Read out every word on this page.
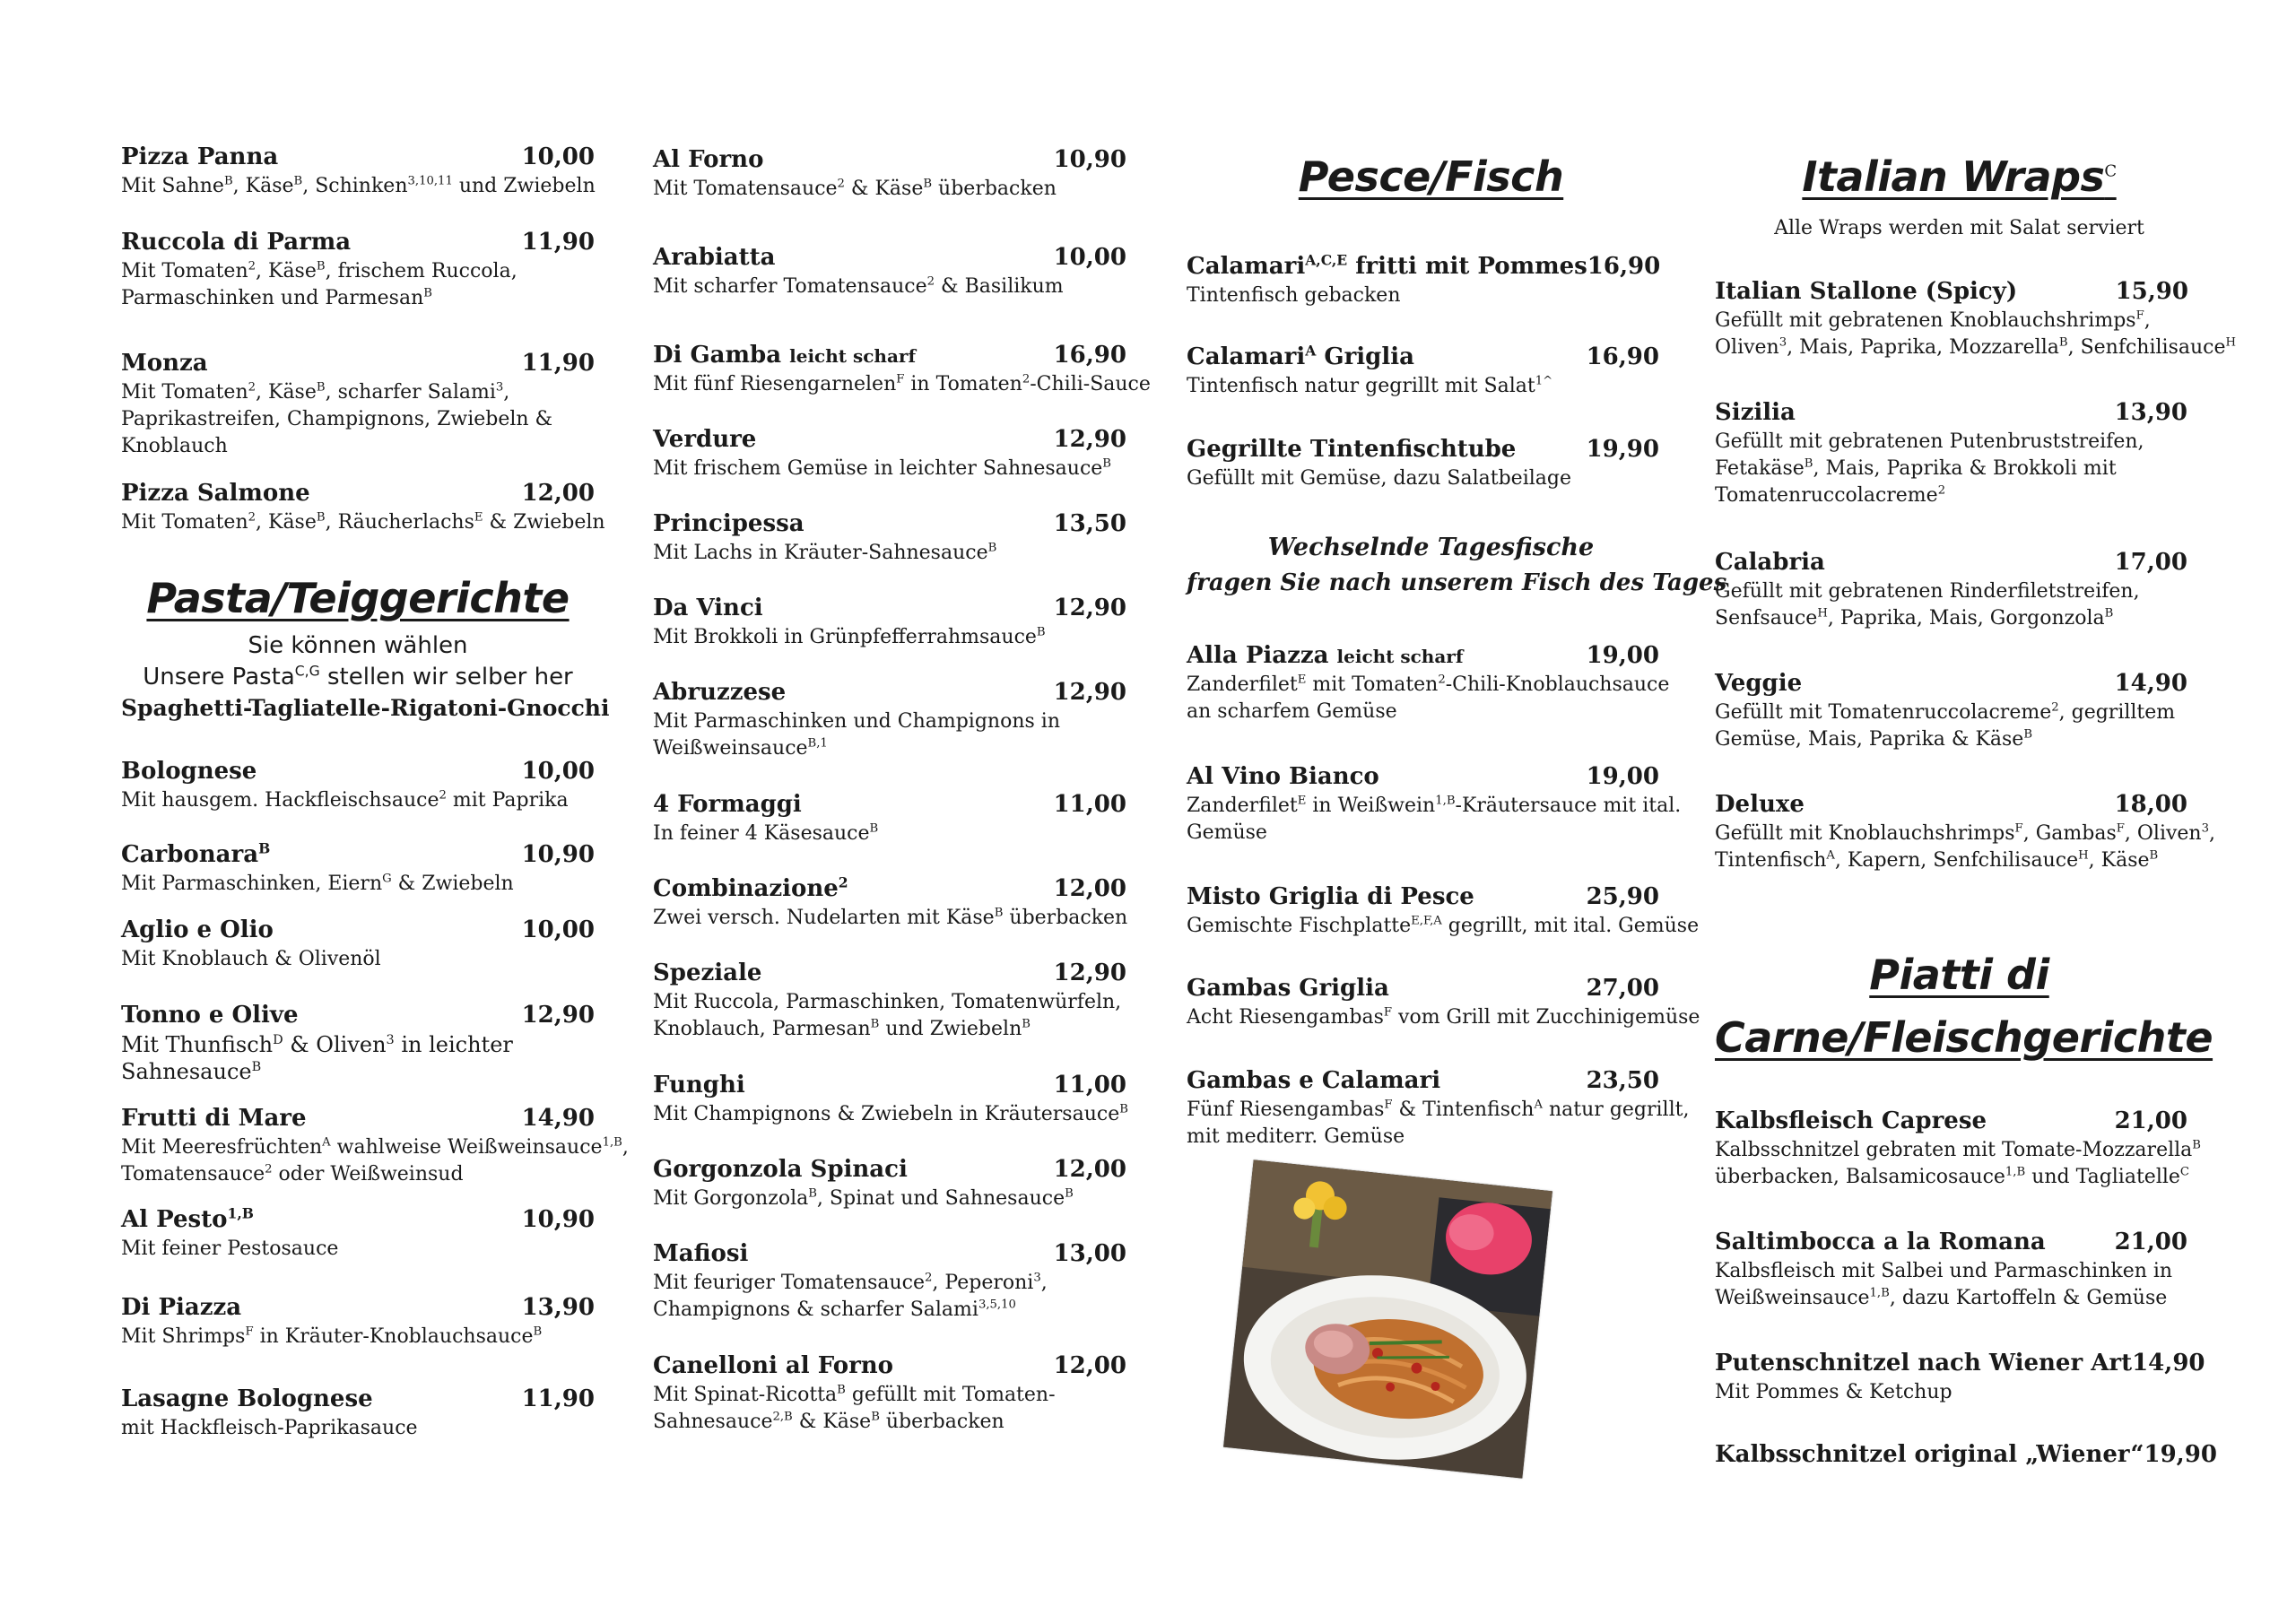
Pizza Panna	10,00
Mit Sahne$^B$, Käse$^B$, Schinken$^{3,10,11}$ und Zwiebeln
Ruccola di Parma	11,90
Mit Tomaten$^2$, Käse$^B$, frischem Ruccola,
Parmaschinken und Parmesan$^B$
Monza	11,90
Mit Tomaten$^2$, Käse$^B$, scharfer Salami$^3$,
Paprikastreifen, Champignons, Zwiebeln &
Knoblauch
Pizza Salmone	12,00
Mit Tomaten$^2$, Käse$^B$, Räucherlachs$^E$ & Zwiebeln
Pasta/Teiggerichte
Sie können wählen
Unsere Pasta$^{C,G}$ stellen wir selber her
Spaghetti-Tagliatelle-Rigatoni-Gnocchi
Bolognese	10,00
Mit hausgem. Hackfleischsauce$^2$ mit Paprika
Carbonara$^B$	10,90
Mit Parmaschinken, Eiern$^G$ & Zwiebeln
Aglio e Olio	10,00
Mit Knoblauch & Olivenöl
Tonno e Olive	12,90
Mit Thunfisch$^D$ & Oliven$^3$ in leichter
Sahnesauce$^B$
Frutti di Mare	14,90
Mit Meeresfrüchten$^A$ wahlweise Weißweinsauce$^{1,B}$,
Tomatensauce$^2$ oder Weißweinsud
Al Pesto$^{1,B}$	10,90
Mit feiner Pestosauce
Di Piazza	13,90
Mit Shrimps$^F$ in Kräuter-Knoblauchsauce$^B$
Lasagne Bolognese	11,90
mit Hackfleisch-Paprikasauce
Al Forno	10,90
Mit Tomatensauce$^2$ & Käse$^B$ überbacken
Arabiatta	10,00
Mit scharfer Tomatensauce$^2$ & Basilikum
Di Gamba leicht scharf	16,90
Mit fünf Riesengarnelen$^F$ in Tomaten$^2$-Chili-Sauce
Verdure	12,90
Mit frischem Gemüse in leichter Sahnesauce$^B$
Principessa	13,50
Mit Lachs in Kräuter-Sahnesauce$^B$
Da Vinci	12,90
Mit Brokkoli in Grünpfefferrahmsauce$^B$
Abruzzese	12,90
Mit Parmaschinken und Champignons in
Weißweinsauce$^{B,1}$
4 Formaggi	11,00
In feiner 4 Käsesauce$^B$
Combinazione$^2$	12,00
Zwei versch. Nudelarten mit Käse$^B$ überbacken
Speziale	12,90
Mit Ruccola, Parmaschinken, Tomatenwürfeln,
Knoblauch, Parmesan$^B$ und Zwiebeln$^B$
Funghi	11,00
Mit Champignons & Zwiebeln in Kräutersauce$^B$
Gorgonzola Spinaci	12,00
Mit Gorgonzola$^B$, Spinat und Sahnesauce$^B$
Mafiosi	13,00
Mit feuriger Tomatensauce$^2$, Peperoni$^3$,
Champignons & scharfer Salami$^{3,5,10}$
Canelloni al Forno	12,00
Mit Spinat-Ricotta$^B$ gefüllt mit Tomaten-
Sahnesauce$^{2,B}$ & Käse$^B$ überbacken
Pesce/Fisch
Calamari$^{A,C,E}$ fritti mit Pommes 16,90
Tintenfisch gebacken
Calamari$^A$ Griglia	16,90
Tintenfisch natur gegrillt mit Salat$^{1\^{}}$
Gegrillte Tintenfischtube	19,90
Gefüllt mit Gemüse, dazu Salatbeilage
Wechselnde Tagesfische
fragen Sie nach unserem Fisch des Tages
Alla Piazza leicht scharf	19,00
Zanderfilet$^E$ mit Tomaten$^2$-Chili-Knoblauchsauce
an scharfem Gemüse
Al Vino Bianco	19,00
Zanderfilet$^E$ in Weißwein$^{1,B}$-Kräutersauce mit ital.
Gemüse
Misto Griglia di Pesce	25,90
Gemischte Fischplatte$^{E,F,A}$ gegrillt, mit ital. Gemüse
Gambas Griglia	27,00
Acht Riesengambas$^F$ vom Grill mit Zucchinigemüse
Gambas e Calamari	23,50
Fünf Riesengambas$^F$ & Tintenfisch$^A$ natur gegrillt,
mit mediterr. Gemüse
Italian Wraps$^C$
Alle Wraps werden mit Salat serviert
Italian Stallone (Spicy)	15,90
Gefüllt mit gebratenen Knoblauchshrimps$^F$,
Oliven$^3$, Mais, Paprika, Mozzarella$^B$, Senfchilisauce$^H$
Sizilia	13,90
Gefüllt mit gebratenen Putenbruststreifen,
Fetakäse$^B$, Mais, Paprika & Brokkoli mit
Tomatenruccolacreme$^2$
Calabria	17,00
Gefüllt mit gebratenen Rinderfiletstreifen,
Senfsauce$^H$, Paprika, Mais, Gorgonzola$^B$
Veggie	14,90
Gefüllt mit Tomatenruccolacreme$^2$, gegrilltem
Gemüse, Mais, Paprika & Käse$^B$
Deluxe	18,00
Gefüllt mit Knoblauchshrimps$^F$, Gambas$^F$, Oliven$^3$,
Tintenfisch$^A$, Kapern, Senfchilisauce$^H$, Käse$^B$
Piatti di
Carne/Fleischgerichte
Kalbsfleisch Caprese	21,00
Kalbsschnitzel gebraten mit Tomate-Mozzarella$^B$
überbacken, Balsamicosauce$^{1,B}$ und Tagliatelle$^C$
Saltimbocca a la Romana	21,00
Kalbsfleisch mit Salbei und Parmaschinken in
Weißweinsauce$^{1,B}$, dazu Kartoffeln & Gemüse
Putenschnitzel nach Wiener Art 14,90
Mit Pommes & Ketchup
Kalbsschnitzel original „Wiener“ 19,90
